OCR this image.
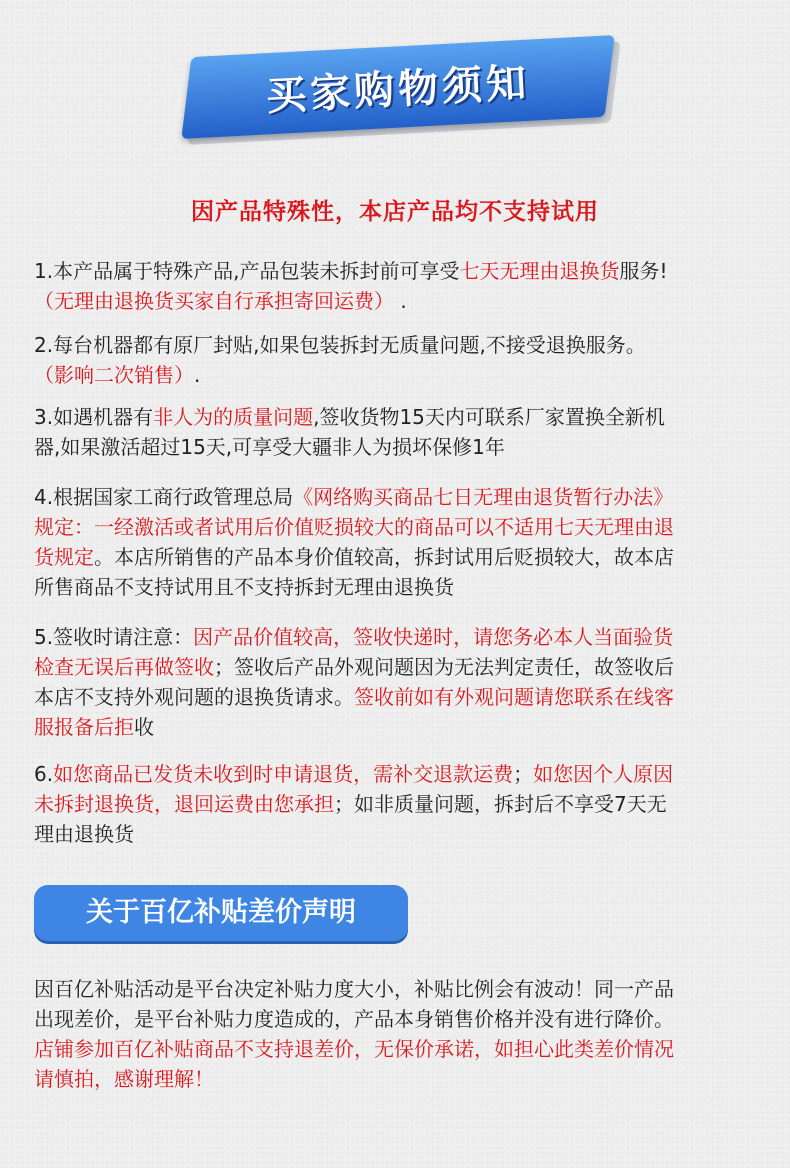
买家购物须知
因产品特殊性，本店产品均不支持试用
1.本产品属于特殊产品,产品包装未拆封前可享受七天无理由退换货服务!
（无理由退换货买家自行承担寄回运费） .
2.每台机器都有原厂封贴,如果包装拆封无质量问题,不接受退换服务。
（影响二次销售）.
3.如遇机器有非人为的质量问题,签收货物15天内可联系厂家置换全新机
器,如果激活超过15天,可享受大疆非人为损坏保修1年
4.根据国家工商行政管理总局《网络购买商品七日无理由退货暂行办法》
规定：一经激活或者试用后价值贬损较大的商品可以不适用七天无理由退
货规定。本店所销售的产品本身价值较高，拆封试用后贬损较大，故本店
所售商品不支持试用且不支持拆封无理由退换货
5.签收时请注意：因产品价值较高，签收快递时，请您务必本人当面验货
检查无误后再做签收；签收后产品外观问题因为无法判定责任，故签收后
本店不支持外观问题的退换货请求。签收前如有外观问题请您联系在线客
服报备后拒收
6.如您商品已发货未收到时申请退货，需补交退款运费；如您因个人原因
未拆封退换货，退回运费由您承担；如非质量问题，拆封后不享受7天无
理由退换货
关于百亿补贴差价声明
因百亿补贴活动是平台决定补贴力度大小，补贴比例会有波动！同一产品
出现差价，是平台补贴力度造成的，产品本身销售价格并没有进行降价。
店铺参加百亿补贴商品不支持退差价，无保价承诺，如担心此类差价情况
请慎拍，感谢理解！
